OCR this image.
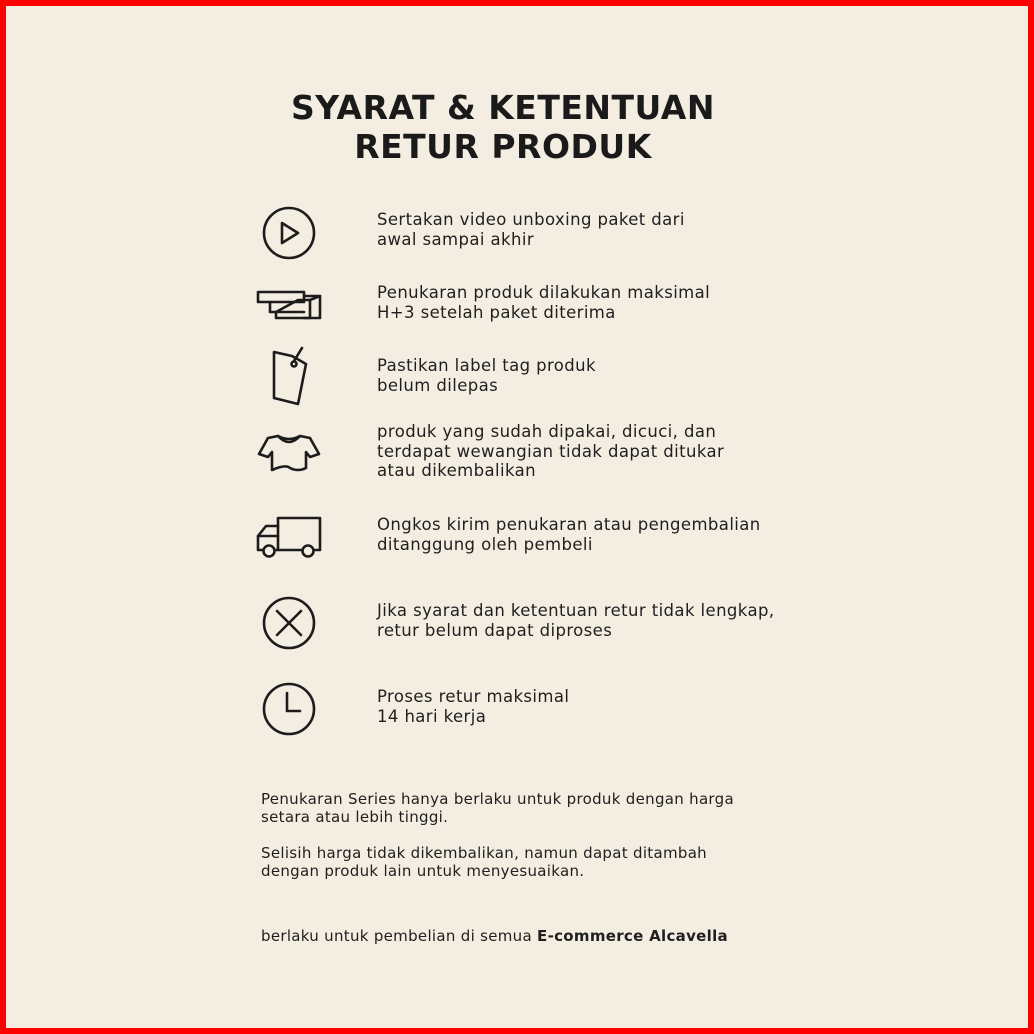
SYARAT & KETENTUAN
RETUR PRODUK
Sertakan video unboxing paket dari
awal sampai akhir
Penukaran produk dilakukan maksimal
H+3 setelah paket diterima
Pastikan label tag produk
belum dilepas
produk yang sudah dipakai, dicuci, dan
terdapat wewangian tidak dapat ditukar
atau dikembalikan
Ongkos kirim penukaran atau pengembalian
ditanggung oleh pembeli
Jika syarat dan ketentuan retur tidak lengkap,
retur belum dapat diproses
Proses retur maksimal
14 hari kerja
Penukaran Series hanya berlaku untuk produk dengan harga
setara atau lebih tinggi.
Selisih harga tidak dikembalikan, namun dapat ditambah
dengan produk lain untuk menyesuaikan.
berlaku untuk pembelian di semua E-commerce Alcavella
